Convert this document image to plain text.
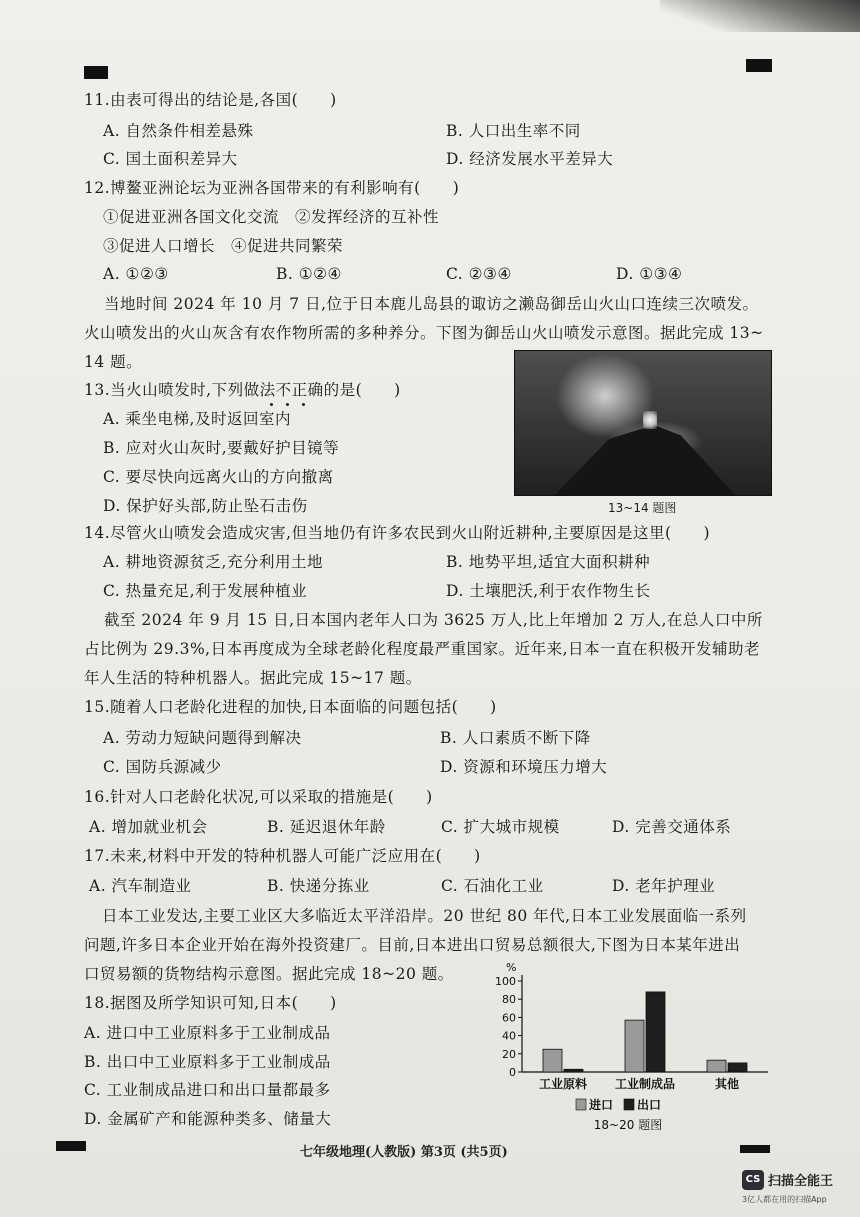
11.由表可得出的结论是,各国(　　)
A. 自然条件相差悬殊	B. 人口出生率不同
C. 国土面积差异大	D. 经济发展水平差异大
12.博鳌亚洲论坛为亚洲各国带来的有利影响有(　　)
①促进亚洲各国文化交流　②发挥经济的互补性
③促进人口增长　④促进共同繁荣
A. ①②③	B. ①②④	C. ②③④	D. ①③④
当地时间 2024 年 10 月 7 日,位于日本鹿儿岛县的诹访之濑岛御岳山火山口连续三次喷发。
火山喷发出的火山灰含有农作物所需的多种养分。下图为御岳山火山喷发示意图。据此完成 13~
14 题。
13~14 题图
13.当火山喷发时,下列做法不正确的是(　　)
A. 乘坐电梯,及时返回室内
B. 应对火山灰时,要戴好护目镜等
C. 要尽快向远离火山的方向撤离
D. 保护好头部,防止坠石击伤
14.尽管火山喷发会造成灾害,但当地仍有许多农民到火山附近耕种,主要原因是这里(　　)
A. 耕地资源贫乏,充分利用土地	B. 地势平坦,适宜大面积耕种
C. 热量充足,利于发展种植业	D. 土壤肥沃,利于农作物生长
截至 2024 年 9 月 15 日,日本国内老年人口为 3625 万人,比上年增加 2 万人,在总人口中所
占比例为 29.3%,日本再度成为全球老龄化程度最严重国家。近年来,日本一直在积极开发辅助老
年人生活的特种机器人。据此完成 15~17 题。
15.随着人口老龄化进程的加快,日本面临的问题包括(　　)
A. 劳动力短缺问题得到解决	B. 人口素质不断下降
C. 国防兵源减少	D. 资源和环境压力增大
16.针对人口老龄化状况,可以采取的措施是(　　)
A. 增加就业机会	B. 延迟退休年龄	C. 扩大城市规模	D. 完善交通体系
17.未来,材料中开发的特种机器人可能广泛应用在(　　)
A. 汽车制造业	B. 快递分拣业	C. 石油化工业	D. 老年护理业
日本工业发达,主要工业区大多临近太平洋沿岸。20 世纪 80 年代,日本工业发展面临一系列
问题,许多日本企业开始在海外投资建厂。目前,日本进出口贸易总额很大,下图为日本某年进出
口贸易额的货物结构示意图。据此完成 18~20 题。
18.据图及所学知识可知,日本(　　)
A. 进口中工业原料多于工业制成品
B. 出口中工业原料多于工业制成品
C. 工业制成品进口和出口量都最多
D. 金属矿产和能源种类多、储量大
%
0
20
40
60
80
100
工业原料 工业制成品	其他
进口 出口
18~20 题图
七年级地理(人教版) 第3页 (共5页)
CS 扫描全能王
3亿人都在用的扫描App
